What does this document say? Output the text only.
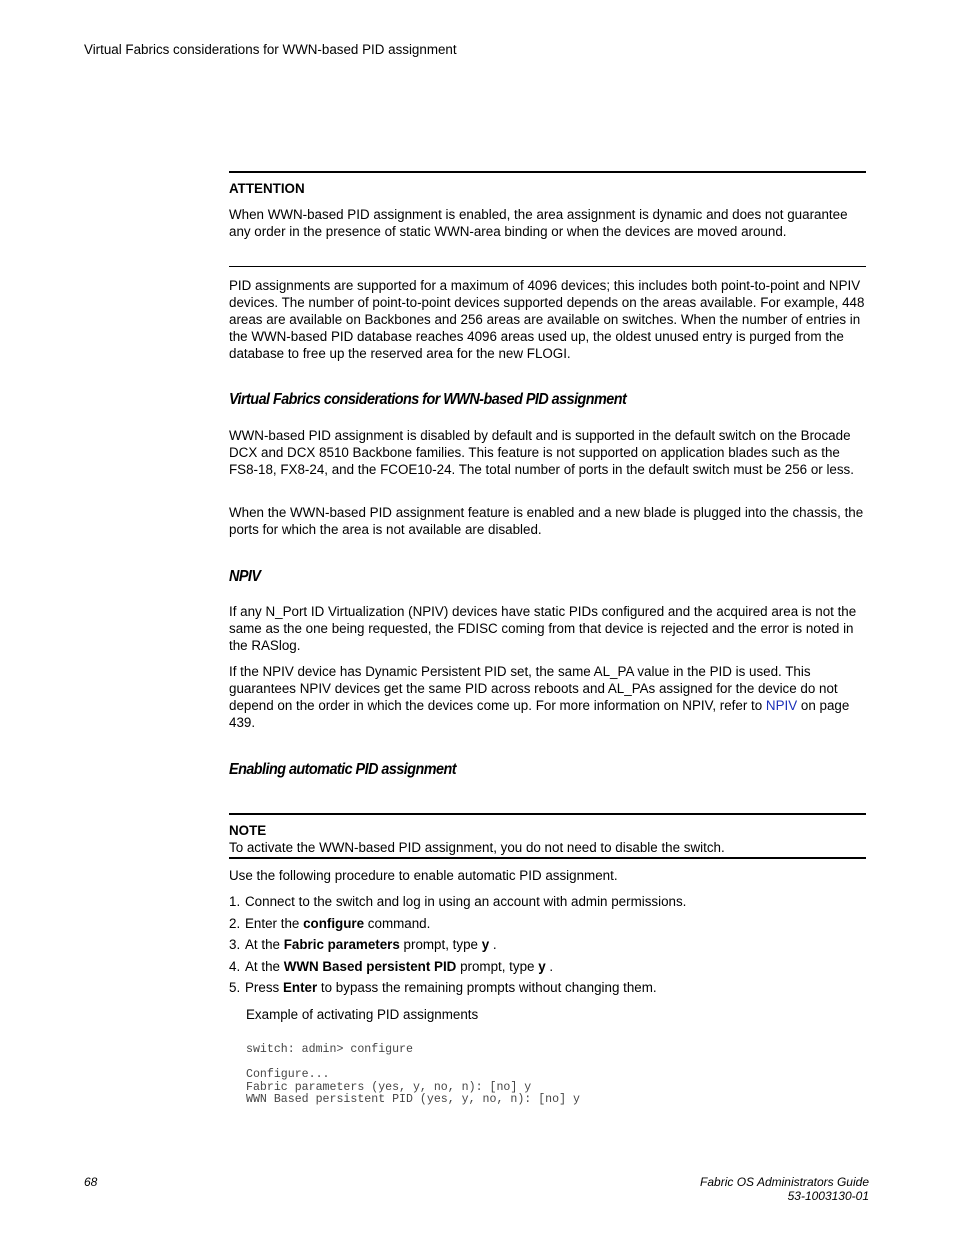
Virtual Fabrics considerations for WWN-based PID assignment
ATTENTION

When WWN-based PID assignment is enabled, the area assignment is dynamic and does not guarantee any order in the presence of static WWN-area binding or when the devices are moved around.

PID assignments are supported for a maximum of 4096 devices; this includes both point-to-point and NPIV devices. The number of point-to-point devices supported depends on the areas available. For example, 448 areas are available on Backbones and 256 areas are available on switches. When the number of entries in the WWN-based PID database reaches 4096 areas used up, the oldest unused entry is purged from the database to free up the reserved area for the new FLOGI.

Virtual Fabrics considerations for WWN-based PID assignment

WWN-based PID assignment is disabled by default and is supported in the default switch on the Brocade DCX and DCX 8510 Backbone families. This feature is not supported on application blades such as the FS8-18, FX8-24, and the FCOE10-24. The total number of ports in the default switch must be 256 or less.

When the WWN-based PID assignment feature is enabled and a new blade is plugged into the chassis, the ports for which the area is not available are disabled.

NPIV

If any N_Port ID Virtualization (NPIV) devices have static PIDs configured and the acquired area is not the same as the one being requested, the FDISC coming from that device is rejected and the error is noted in the RASlog.

If the NPIV device has Dynamic Persistent PID set, the same AL_PA value in the PID is used. This guarantees NPIV devices get the same PID across reboots and AL_PAs assigned for the device do not depend on the order in which the devices come up. For more information on NPIV, refer to NPIV on page 439.

Enabling automatic PID assignment
NOTE

To activate the WWN-based PID assignment, you do not need to disable the switch.

Use the following procedure to enable automatic PID assignment.

1. Connect to the switch and log in using an account with admin permissions.
2. Enter the configure command.
3. At the Fabric parameters prompt, type y .
4. At the WWN Based persistent PID prompt, type y .
5. Press Enter to bypass the remaining prompts without changing them.

Example of activating PID assignments

switch: admin> configure

Configure...
Fabric parameters (yes, y, no, n): [no] y
WWN Based persistent PID (yes, y, no, n): [no] y
68	Fabric OS Administrators Guide
53-1003130-01
